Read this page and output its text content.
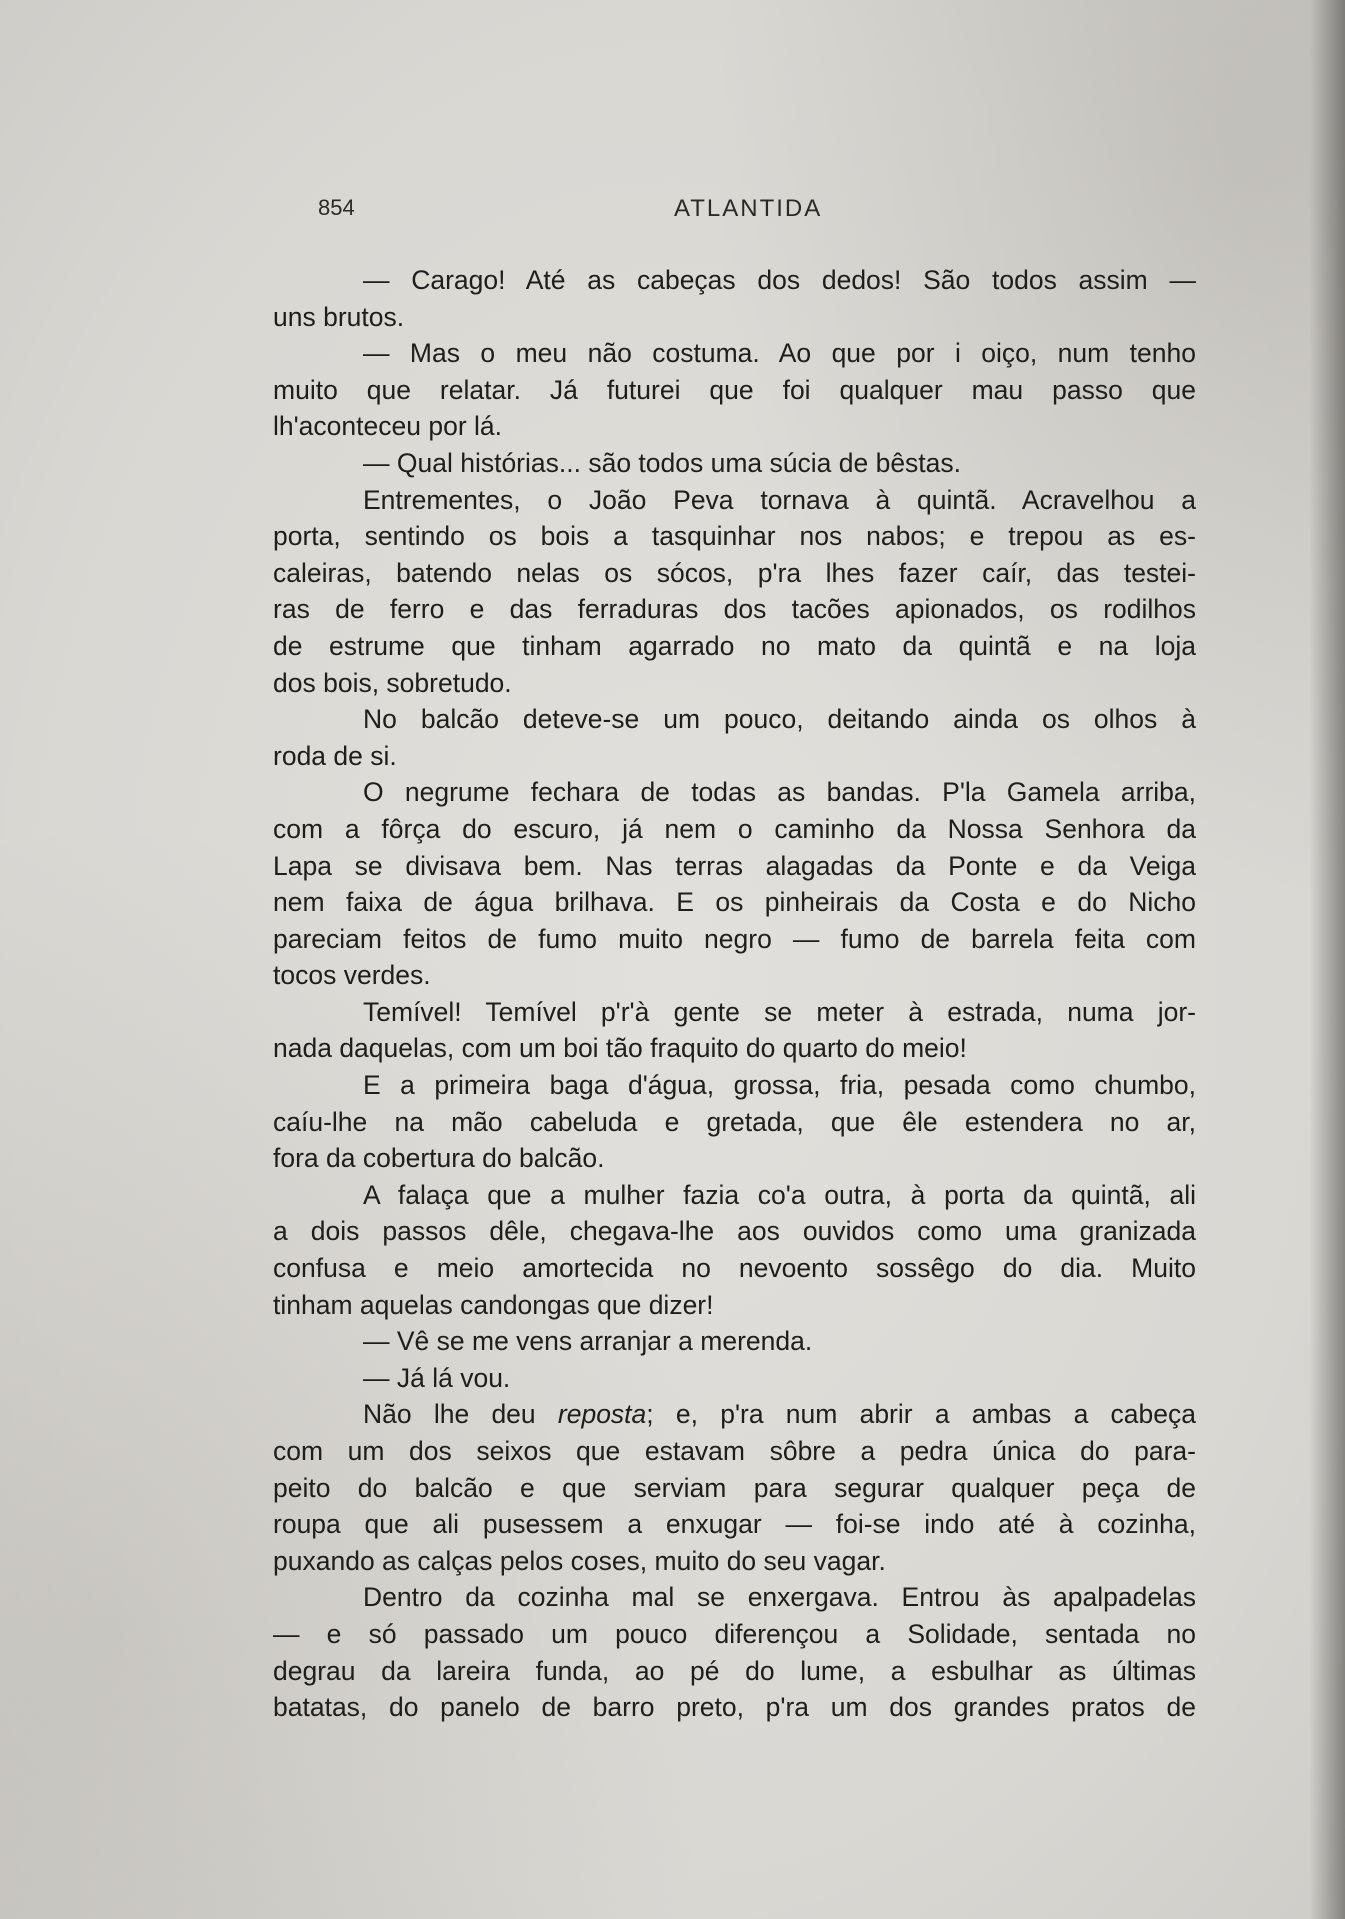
854	ATLANTIDA

— Carago! Até as cabeças dos dedos! São todos assim —
uns brutos.

— Mas o meu não costuma. Ao que por i oiço, num tenho
muito que relatar. Já futurei que foi qualquer mau passo que
lh'aconteceu por lá.

— Qual histórias... são todos uma súcia de bêstas.

Entrementes, o João Peva tornava à quintã. Acravelhou a
porta, sentindo os bois a tasquinhar nos nabos; e trepou as es-
caleiras, batendo nelas os sócos, p'ra lhes fazer caír, das testei-
ras de ferro e das ferraduras dos tacões apionados, os rodilhos
de estrume que tinham agarrado no mato da quintã e na loja
dos bois, sobretudo.

No balcão deteve-se um pouco, deitando ainda os olhos à
roda de si.

O negrume fechara de todas as bandas. P'la Gamela arriba,
com a fôrça do escuro, já nem o caminho da Nossa Senhora da
Lapa se divisava bem. Nas terras alagadas da Ponte e da Veiga
nem faixa de água brilhava. E os pinheirais da Costa e do Nicho
pareciam feitos de fumo muito negro — fumo de barrela feita com
tocos verdes.

Temível! Temível p'r'à gente se meter à estrada, numa jor-
nada daquelas, com um boi tão fraquito do quarto do meio!

E a primeira baga d'água, grossa, fria, pesada como chumbo,
caíu-lhe na mão cabeluda e gretada, que êle estendera no ar,
fora da cobertura do balcão.

A falaça que a mulher fazia co'a outra, à porta da quintã, ali
a dois passos dêle, chegava-lhe aos ouvidos como uma granizada
confusa e meio amortecida no nevoento sossêgo do dia. Muito
tinham aquelas candongas que dizer!

— Vê se me vens arranjar a merenda.

— Já lá vou.

Não lhe deu reposta; e, p'ra num abrir a ambas a cabeça
com um dos seixos que estavam sôbre a pedra única do para-
peito do balcão e que serviam para segurar qualquer peça de
roupa que ali pusessem a enxugar — foi-se indo até à cozinha,
puxando as calças pelos coses, muito do seu vagar.

Dentro da cozinha mal se enxergava. Entrou às apalpadelas
— e só passado um pouco diferençou a Solidade, sentada no
degrau da lareira funda, ao pé do lume, a esbulhar as últimas
batatas, do panelo de barro preto, p'ra um dos grandes pratos de
